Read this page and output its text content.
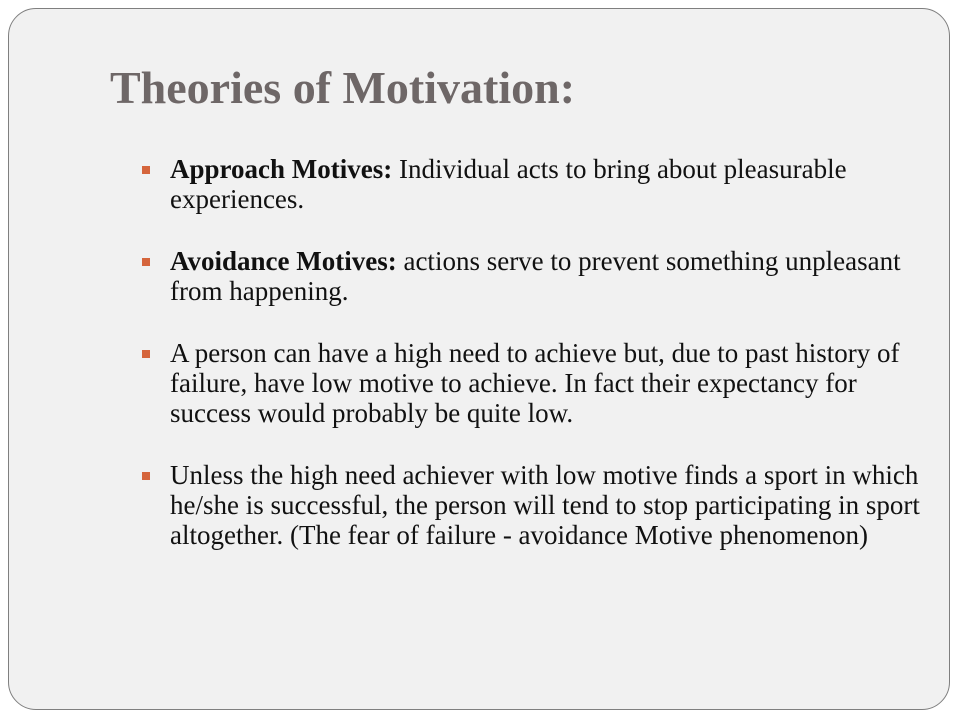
Theories of Motivation:
Approach Motives: Individual acts to bring about pleasurable experiences.
Avoidance Motives: actions serve to prevent something unpleasant from happening.
A person can have a high need to achieve but, due to past history of failure, have low motive to achieve. In fact their expectancy for success would probably be quite low.
Unless the high need achiever with low motive finds a sport in which he/she is successful, the person will tend to stop participating in sport altogether. (The fear of failure - avoidance Motive phenomenon)
